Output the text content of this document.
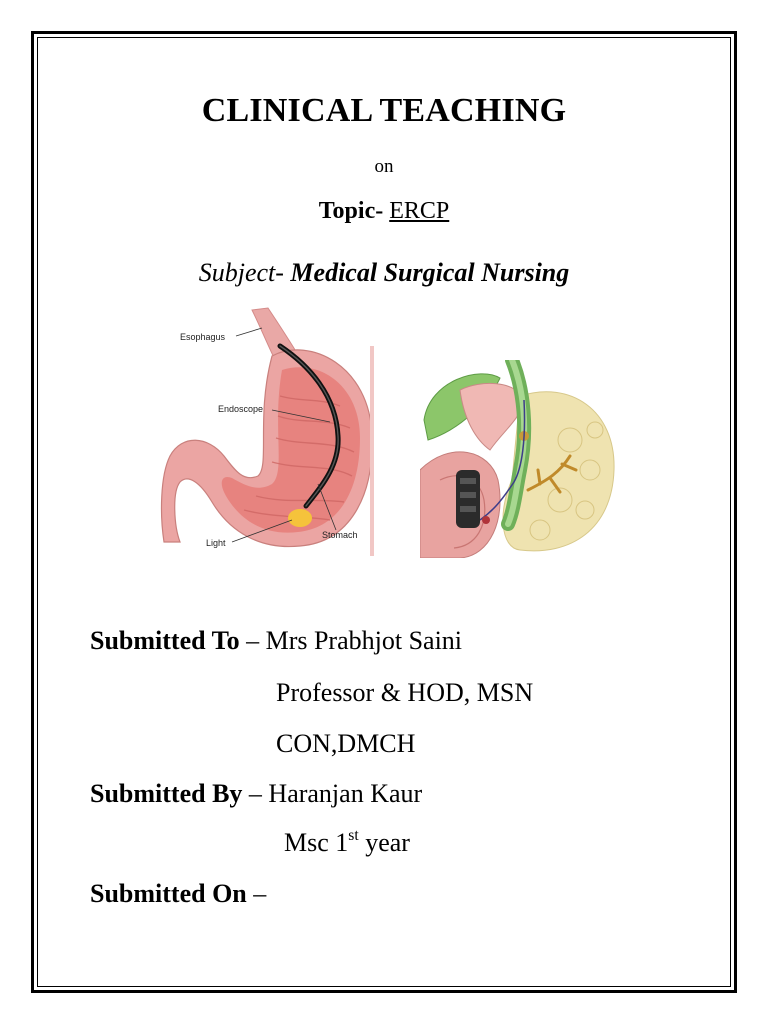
CLINICAL TEACHING
on
Topic- ERCP
Subject- Medical Surgical Nursing
Esophagus
Endoscope
Light
Stomach
Submitted To – Mrs Prabhjot Saini
Professor & HOD, MSN
CON,DMCH
Submitted By – Haranjan Kaur
Msc 1st year
Submitted On –
